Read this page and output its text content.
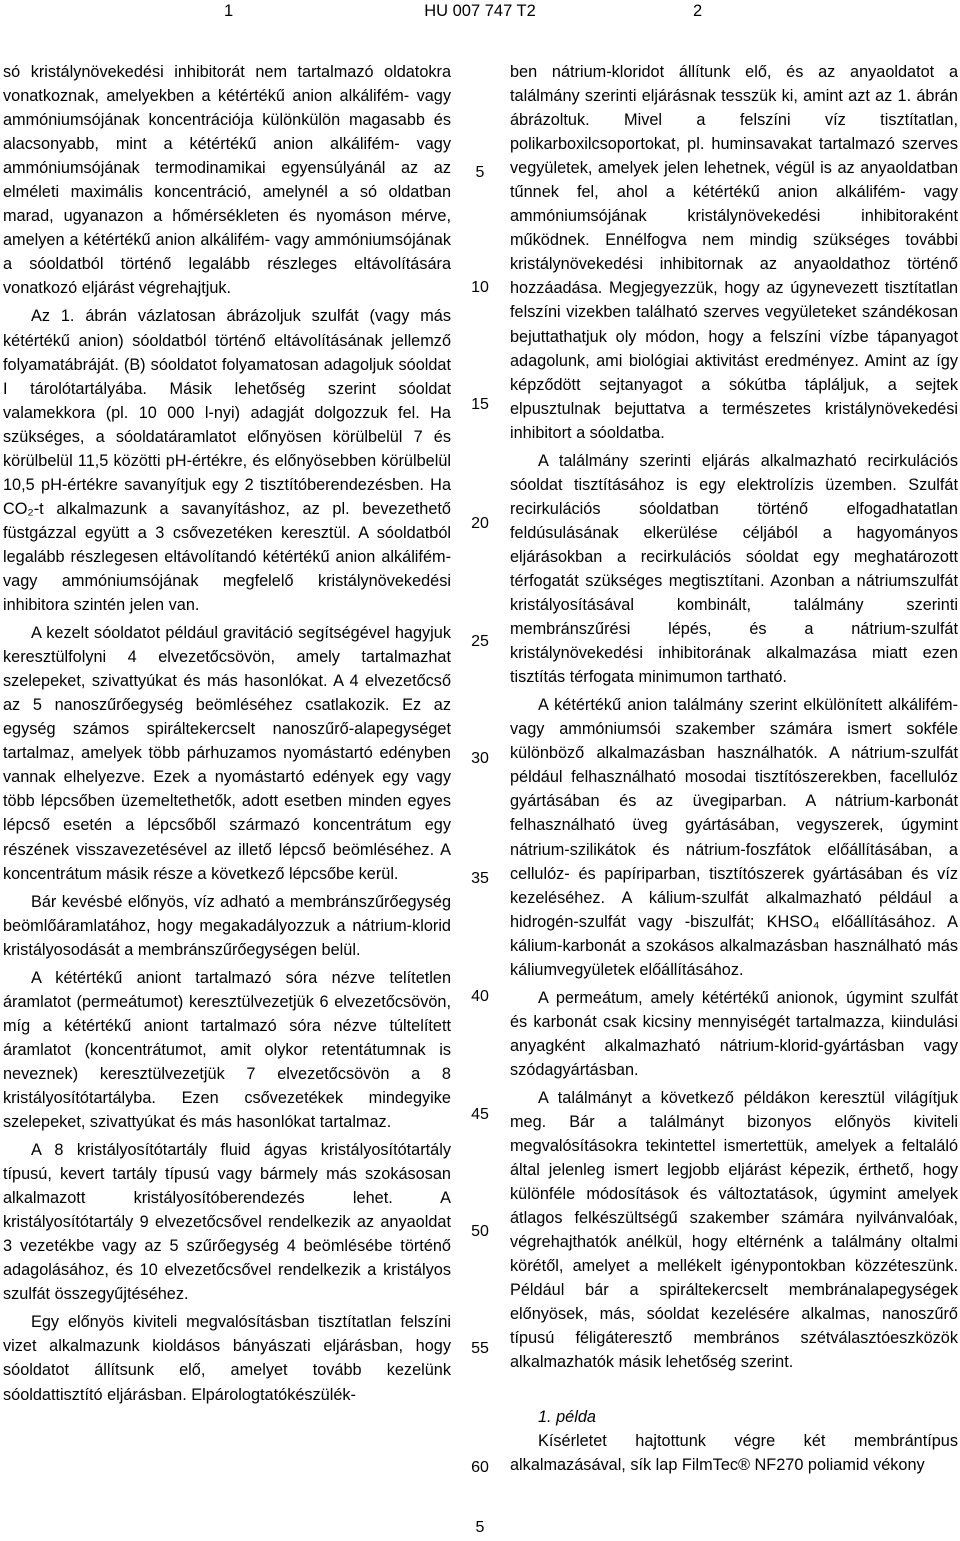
1	HU 007 747 T2	2

só kristálynövekedési inhibitorát nem tartalmazó oldatokra vonatkoznak, amelyekben a kétértékű anion alkálifém- vagy ammóniumsójának koncentrációja különkülön magasabb és alacsonyabb, mint a kétértékű anion alkálifém- vagy ammóniumsójának termodinamikai egyensúlyánál az az elméleti maximális koncentráció, amelynél a só oldatban marad, ugyanazon a hőmérsékleten és nyomáson mérve, amelyen a kétértékű anion alkálifém- vagy ammóniumsójának a sóoldatból történő legalább részleges eltávolítására vonatkozó eljárást végrehajtjuk.

Az 1. ábrán vázlatosan ábrázoljuk szulfát (vagy más kétértékű anion) sóoldatból történő eltávolításának jellemző folyamatábráját. (B) sóoldatot folyamatosan adagoljuk sóoldat I tárolótartályába. Másik lehetőség szerint sóoldat valamekkora (pl. 10 000 l-nyi) adagját dolgozzuk fel. Ha szükséges, a sóoldatáramlatot előnyösen körülbelül 7 és körülbelül 11,5 közötti pH-értékre, és előnyösebben körülbelül 10,5 pH-értékre savanyítjuk egy 2 tisztítóberendezésben. Ha CO₂-t alkalmazunk a savanyításhoz, az pl. bevezethető füstgázzal együtt a 3 csővezetéken keresztül. A sóoldatból legalább részlegesen eltávolítandó kétértékű anion alkálifém- vagy ammóniumsójának megfelelő kristálynövekedési inhibitora szintén jelen van.

A kezelt sóoldatot például gravitáció segítségével hagyjuk keresztülfolyni 4 elvezetőcsövön, amely tartalmazhat szelepeket, szivattyúkat és más hasonlókat. A 4 elvezetőcső az 5 nanoszűrőegység beömléséhez csatlakozik. Ez az egység számos spiráltekercselt nanoszűrő-alapegységet tartalmaz, amelyek több párhuzamos nyomástartó edényben vannak elhelyezve. Ezek a nyomástartó edények egy vagy több lépcsőben üzemeltethetők, adott esetben minden egyes lépcső esetén a lépcsőből származó koncentrátum egy részének visszavezetésével az illető lépcső beömléséhez. A koncentrátum másik része a következő lépcsőbe kerül.

Bár kevésbé előnyös, víz adható a membránszűrőegység beömlőáramlatához, hogy megakadályozzuk a nátrium-klorid kristályosodását a membránszűrőegységen belül.

A kétértékű aniont tartalmazó sóra nézve telítetlen áramlatot (permeátumot) keresztülvezetjük 6 elvezetőcsövön, míg a kétértékű aniont tartalmazó sóra nézve túltelített áramlatot (koncentrátumot, amit olykor retentátumnak is neveznek) keresztülvezetjük 7 elvezetőcsövön a 8 kristályosítótartályba. Ezen csővezetékek mindegyike szelepeket, szivattyúkat és más hasonlókat tartalmaz.

A 8 kristályosítótartály fluid ágyas kristályosítótartály típusú, kevert tartály típusú vagy bármely más szokásosan alkalmazott kristályosítóberendezés lehet. A kristályosítótartály 9 elvezetőcsővel rendelkezik az anyaoldat 3 vezetékbe vagy az 5 szűrőegység 4 beömlésébe történő adagolásához, és 10 elvezetőcsővel rendelkezik a kristályos szulfát összegyűjtéséhez.

Egy előnyös kiviteli megvalósításban tisztítatlan felszíni vizet alkalmazunk kioldásos bányászati eljárásban, hogy sóoldatot állítsunk elő, amelyet tovább kezelünk sóoldattisztító eljárásban. Elpárologtatókészülék-

ben nátrium-kloridot állítunk elő, és az anyaoldatot a találmány szerinti eljárásnak tesszük ki, amint azt az 1. ábrán ábrázoltuk. Mivel a felszíni víz tisztítatlan, polikarboxilcsoportokat, pl. huminsavakat tartalmazó szerves vegyületek, amelyek jelen lehetnek, végül is az anyaoldatban tűnnek fel, ahol a kétértékű anion alkálifém- vagy ammóniumsójának kristálynövekedési inhibitoraként működnek. Ennélfogva nem mindig szükséges további kristálynövekedési inhibitornak az anyaoldathoz történő hozzáadása. Megjegyezzük, hogy az úgynevezett tisztítatlan felszíni vizekben található szerves vegyületeket szándékosan bejuttathatjuk oly módon, hogy a felszíni vízbe tápanyagot adagolunk, ami biológiai aktivitást eredményez. Amint az így képződött sejtanyagot a sókútba tápláljuk, a sejtek elpusztulnak bejuttatva a természetes kristálynövekedési inhibitort a sóoldatba.

A találmány szerinti eljárás alkalmazható recirkulációs sóoldat tisztításához is egy elektrolízis üzemben. Szulfát recirkulációs sóoldatban történő elfogadhatatlan feldúsulásának elkerülése céljából a hagyományos eljárásokban a recirkulációs sóoldat egy meghatározott térfogatát szükséges megtisztítani. Azonban a nátriumszulfát kristályosításával kombinált, találmány szerinti membránszűrési lépés, és a nátrium-szulfát kristálynövekedési inhibitorának alkalmazása miatt ezen tisztítás térfogata minimumon tartható.

A kétértékű anion találmány szerint elkülönített alkálifém- vagy ammóniumsói szakember számára ismert sokféle különböző alkalmazásban használhatók. A nátrium-szulfát például felhasználható mosodai tisztítószerekben, facellulóz gyártásában és az üvegiparban. A nátrium-karbonát felhasználható üveg gyártásában, vegyszerek, úgymint nátrium-szilikátok és nátrium-foszfátok előállításában, a cellulóz- és papíriparban, tisztítószerek gyártásában és víz kezeléséhez. A kálium-szulfát alkalmazható például a hidrogén-szulfát vagy -biszulfát; KHSO₄ előállításához. A kálium-karbonát a szokásos alkalmazásban használható más káliumvegyületek előállításához.

A permeátum, amely kétértékű anionok, úgymint szulfát és karbonát csak kicsiny mennyiségét tartalmazza, kiindulási anyagként alkalmazható nátrium-klorid-gyártásban vagy szódagyártásban.

A találmányt a következő példákon keresztül világítjuk meg. Bár a találmányt bizonyos előnyös kiviteli megvalósításokra tekintettel ismertettük, amelyek a feltaláló által jelenleg ismert legjobb eljárást képezik, érthető, hogy különféle módosítások és változtatások, úgymint amelyek átlagos felkészültségű szakember számára nyilvánvalóak, végrehajthatók anélkül, hogy eltérnénk a találmány oltalmi körétől, amelyet a mellékelt igénypontokban közzéteszünk. Például bár a spiráltekercselt membránalapegységek előnyösek, más, sóoldat kezelésére alkalmas, nanoszűrő típusú féligáteresztő membrános szétválasztóeszközök alkalmazhatók másik lehetőség szerint.

1. példa

Kísérletet hajtottunk végre két membrántípus alkalmazásával, sík lap FilmTec® NF270 poliamid vékony

5
10
15
20
25
30
35
40
45
50
55
60
5
